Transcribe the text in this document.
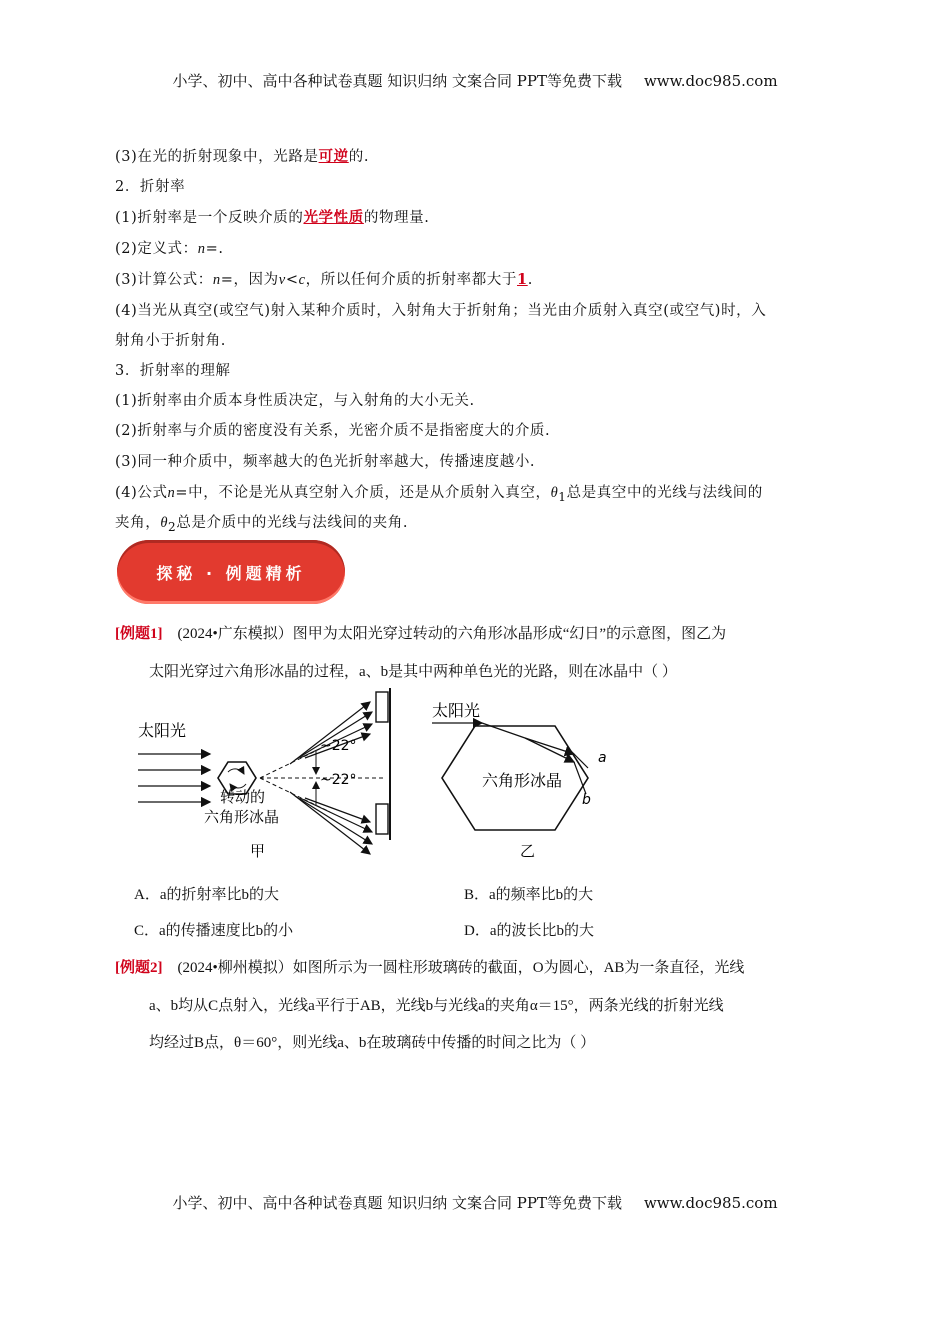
小学、初中、高中各种试卷真题 知识归纳 文案合同 PPT等免费下载 www.doc985.com
(3)在光的折射现象中，光路是可逆的.
2．折射率
(1)折射率是一个反映介质的光学性质的物理量.
(2)定义式：n=.
(3)计算公式：n=，因为v<c，所以任何介质的折射率都大于1.
(4)当光从真空(或空气)射入某种介质时，入射角大于折射角；当光由介质射入真空(或空气)时，入
射角小于折射角.
3．折射率的理解
(1)折射率由介质本身性质决定，与入射角的大小无关.
(2)折射率与介质的密度没有关系，光密介质不是指密度大的介质.
(3)同一种介质中，频率越大的色光折射率越大，传播速度越小.
(4)公式n=中，不论是光从真空射入介质，还是从介质射入真空，$\theta_1$总是真空中的光线与法线间的
夹角，$\theta_2$总是介质中的光线与法线间的夹角.
探秘 · 例题精析
[例题1] (2024•广东模拟）图甲为太阳光穿过转动的六角形冰晶形成“幻日”的示意图，图乙为
太阳光穿过六角形冰晶的过程，a、b是其中两种单色光的光路，则在冰晶中（ ）
太阳光
~22°
~22°
转动的
六角形冰晶
甲
太阳光
六角形冰晶
a
b
乙
A．a的折射率比b的大	B．a的频率比b的大
C．a的传播速度比b的小	D．a的波长比b的大
[例题2] (2024•柳州模拟）如图所示为一圆柱形玻璃砖的截面，O为圆心，AB为一条直径，光线
a、b均从C点射入，光线a平行于AB，光线b与光线a的夹角α＝15°，两条光线的折射光线
均经过B点，θ＝60°，则光线a、b在玻璃砖中传播的时间之比为（ ）
小学、初中、高中各种试卷真题 知识归纳 文案合同 PPT等免费下载 www.doc985.com
